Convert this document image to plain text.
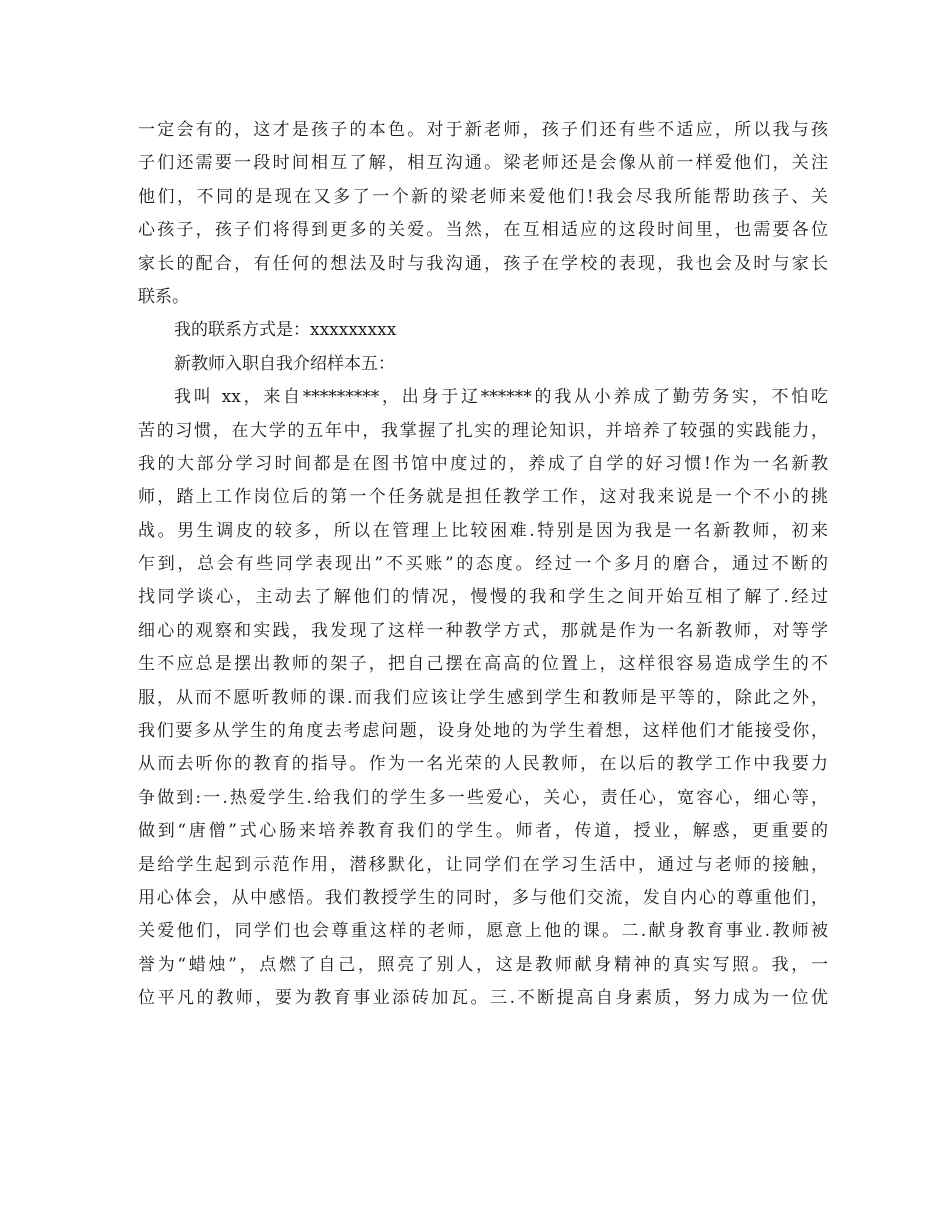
一定会有的，这才是孩子的本色。对于新老师，孩子们还有些不适应，所以我与孩
子们还需要一段时间相互了解，相互沟通。梁老师还是会像从前一样爱他们，关注
他们，不同的是现在又多了一个新的梁老师来爱他们!我会尽我所能帮助孩子、关
心孩子，孩子们将得到更多的关爱。当然，在互相适应的这段时间里，也需要各位
家长的配合，有任何的想法及时与我沟通，孩子在学校的表现，我也会及时与家长
联系。
我的联系方式是：xxxxxxxxx
新教师入职自我介绍样本五：
我叫 xx，来自*********，出身于辽******的我从小养成了勤劳务实，不怕吃
苦的习惯，在大学的五年中，我掌握了扎实的理论知识，并培养了较强的实践能力，
我的大部分学习时间都是在图书馆中度过的，养成了自学的好习惯!作为一名新教
师，踏上工作岗位后的第一个任务就是担任教学工作，这对我来说是一个不小的挑
战。男生调皮的较多，所以在管理上比较困难.特别是因为我是一名新教师，初来
乍到，总会有些同学表现出”不买账”的态度。经过一个多月的磨合，通过不断的
找同学谈心，主动去了解他们的情况，慢慢的我和学生之间开始互相了解了.经过
细心的观察和实践，我发现了这样一种教学方式，那就是作为一名新教师，对等学
生不应总是摆出教师的架子，把自己摆在高高的位置上，这样很容易造成学生的不
服，从而不愿听教师的课.而我们应该让学生感到学生和教师是平等的，除此之外，
我们要多从学生的角度去考虑问题，设身处地的为学生着想，这样他们才能接受你，
从而去听你的教育的指导。作为一名光荣的人民教师，在以后的教学工作中我要力
争做到:一.热爱学生.给我们的学生多一些爱心，关心，责任心，宽容心，细心等，
做到“唐僧”式心肠来培养教育我们的学生。师者，传道，授业，解惑，更重要的
是给学生起到示范作用，潜移默化，让同学们在学习生活中，通过与老师的接触，
用心体会，从中感悟。我们教授学生的同时，多与他们交流，发自内心的尊重他们，
关爱他们，同学们也会尊重这样的老师，愿意上他的课。二.献身教育事业.教师被
誉为“蜡烛”，点燃了自己，照亮了别人，这是教师献身精神的真实写照。我，一
位平凡的教师，要为教育事业添砖加瓦。三.不断提高自身素质，努力成为一位优
